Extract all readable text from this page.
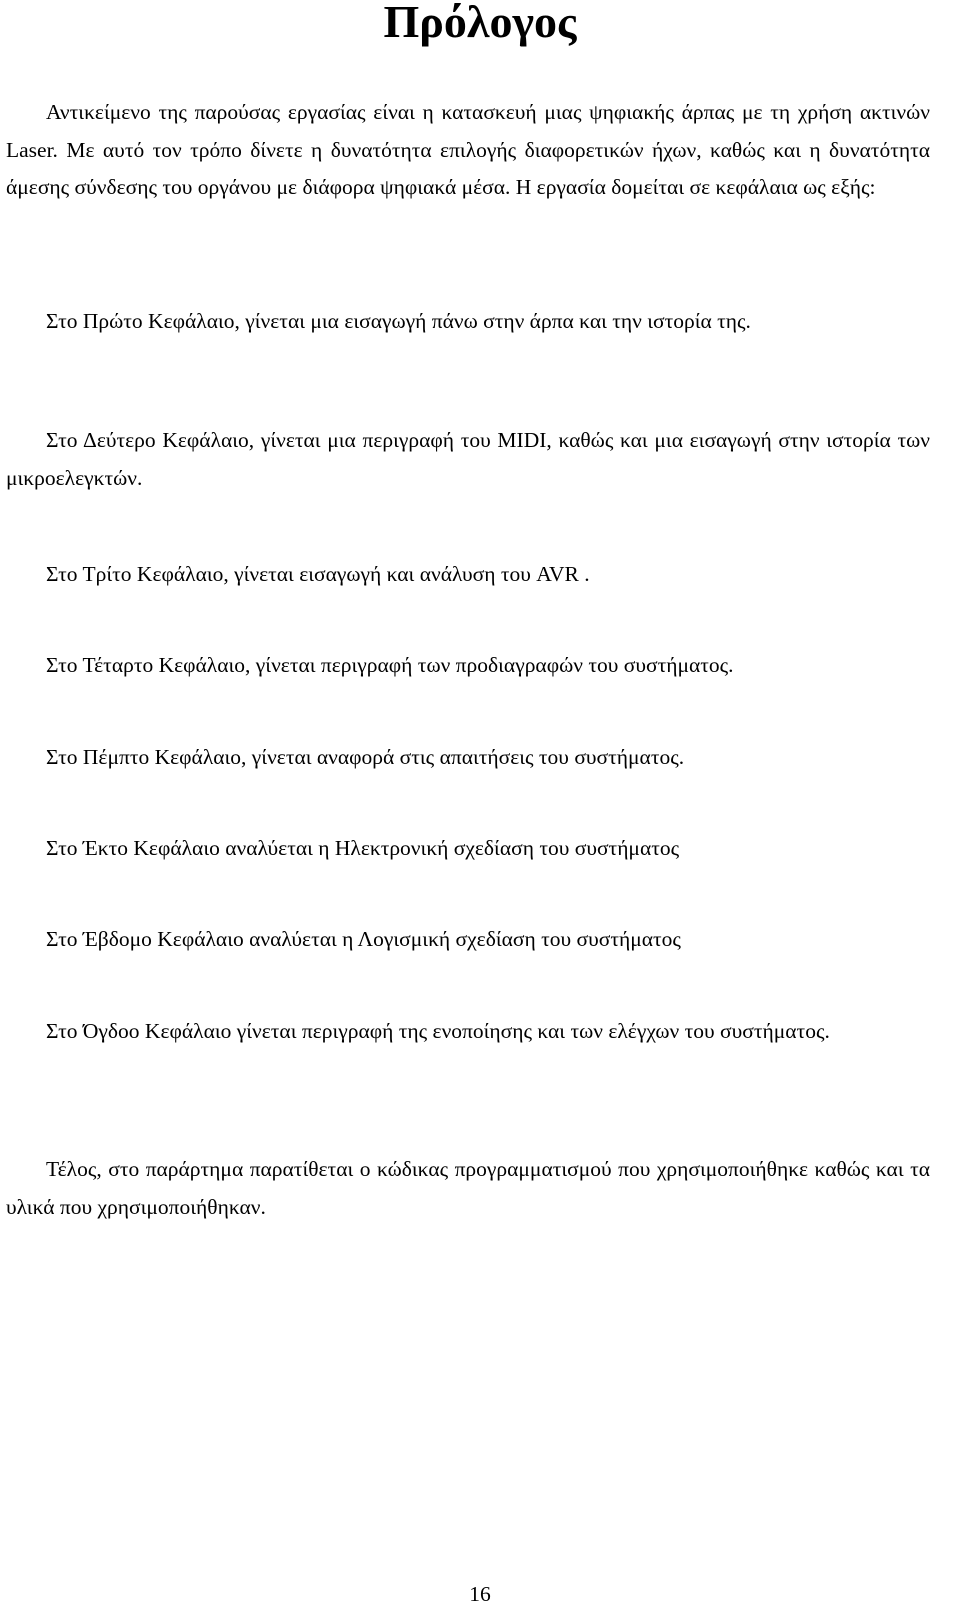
Πρόλογος

Αντικείμενο της παρούσας εργασίας είναι η κατασκευή μιας ψηφιακής άρπας με τη χρήση ακτινών Laser. Με αυτό τον τρόπο δίνετε η δυνατότητα επιλογής διαφορετικών ήχων, καθώς και η δυνατότητα άμεσης σύνδεσης του οργάνου με διάφορα ψηφιακά μέσα. Η εργασία δομείται σε κεφάλαια ως εξής:

Στο Πρώτο Κεφάλαιο, γίνεται μια εισαγωγή πάνω στην άρπα και την ιστορία της.

Στο Δεύτερο Κεφάλαιο, γίνεται μια περιγραφή του MIDI, καθώς και μια εισαγωγή στην ιστορία των μικροελεγκτών.

Στο Τρίτο Κεφάλαιο, γίνεται εισαγωγή και ανάλυση του AVR .

Στο Τέταρτο Κεφάλαιο, γίνεται περιγραφή των προδιαγραφών του συστήματος.

Στο Πέμπτο Κεφάλαιο, γίνεται αναφορά στις απαιτήσεις του συστήματος.

Στο Έκτο Κεφάλαιο αναλύεται η Ηλεκτρονική σχεδίαση του συστήματος

Στο Έβδομο Κεφάλαιο αναλύεται η Λογισμική σχεδίαση του συστήματος

Στο Όγδοο Κεφάλαιο γίνεται περιγραφή της ενοποίησης και των ελέγχων του συστήματος.

Τέλος, στο παράρτημα παρατίθεται ο κώδικας προγραμματισμού που χρησιμοποιήθηκε καθώς και τα υλικά που χρησιμοποιήθηκαν.

16
